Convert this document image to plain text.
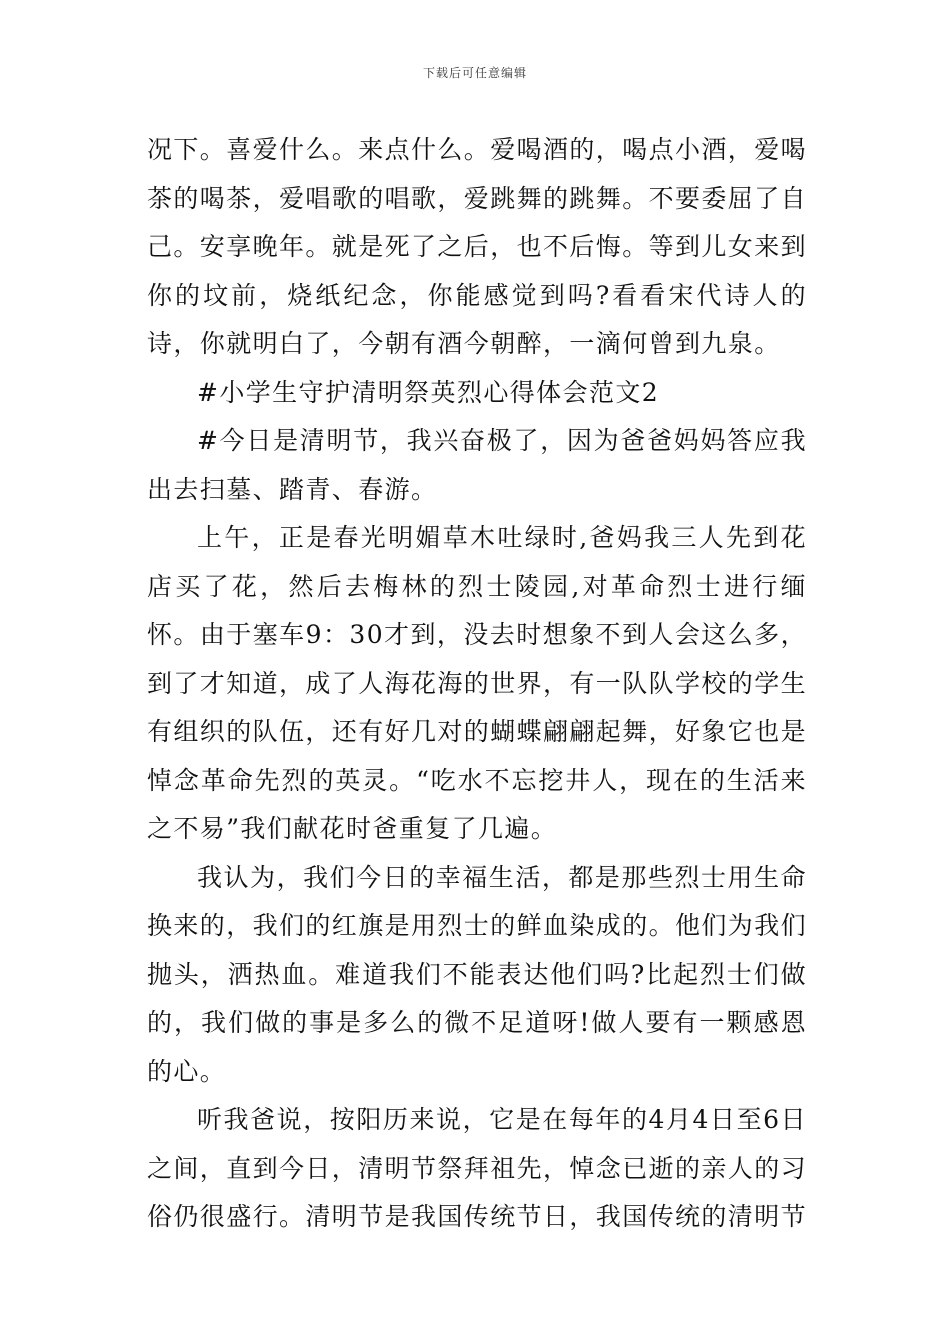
下载后可任意编辑

况下。喜爱什么。来点什么。爱喝酒的，喝点小酒，爱喝茶的喝茶，爱唱歌的唱歌，爱跳舞的跳舞。不要委屈了自己。安享晚年。就是死了之后，也不后悔。等到儿女来到你的坟前，烧纸纪念，你能感觉到吗?看看宋代诗人的诗，你就明白了，今朝有酒今朝醉，一滴何曾到九泉。

#小学生守护清明祭英烈心得体会范文2

#今日是清明节，我兴奋极了，因为爸爸妈妈答应我出去扫墓、踏青、春游。

上午，正是春光明媚草木吐绿时,爸妈我三人先到花店买了花，然后去梅林的烈士陵园,对革命烈士进行缅怀。由于塞车9：30才到，没去时想象不到人会这么多，到了才知道，成了人海花海的世界，有一队队学校的学生有组织的队伍，还有好几对的蝴蝶翩翩起舞，好象它也是悼念革命先烈的英灵。“吃水不忘挖井人，现在的生活来之不易”我们献花时爸重复了几遍。

我认为，我们今日的幸福生活，都是那些烈士用生命换来的，我们的红旗是用烈士的鲜血染成的。他们为我们抛头，洒热血。难道我们不能表达他们吗?比起烈士们做的，我们做的事是多么的微不足道呀!做人要有一颗感恩的心。

听我爸说，按阳历来说，它是在每年的4月4日至6日之间，直到今日，清明节祭拜祖先，悼念已逝的亲人的习俗仍很盛行。清明节是我国传统节日，我国传统的清明节
